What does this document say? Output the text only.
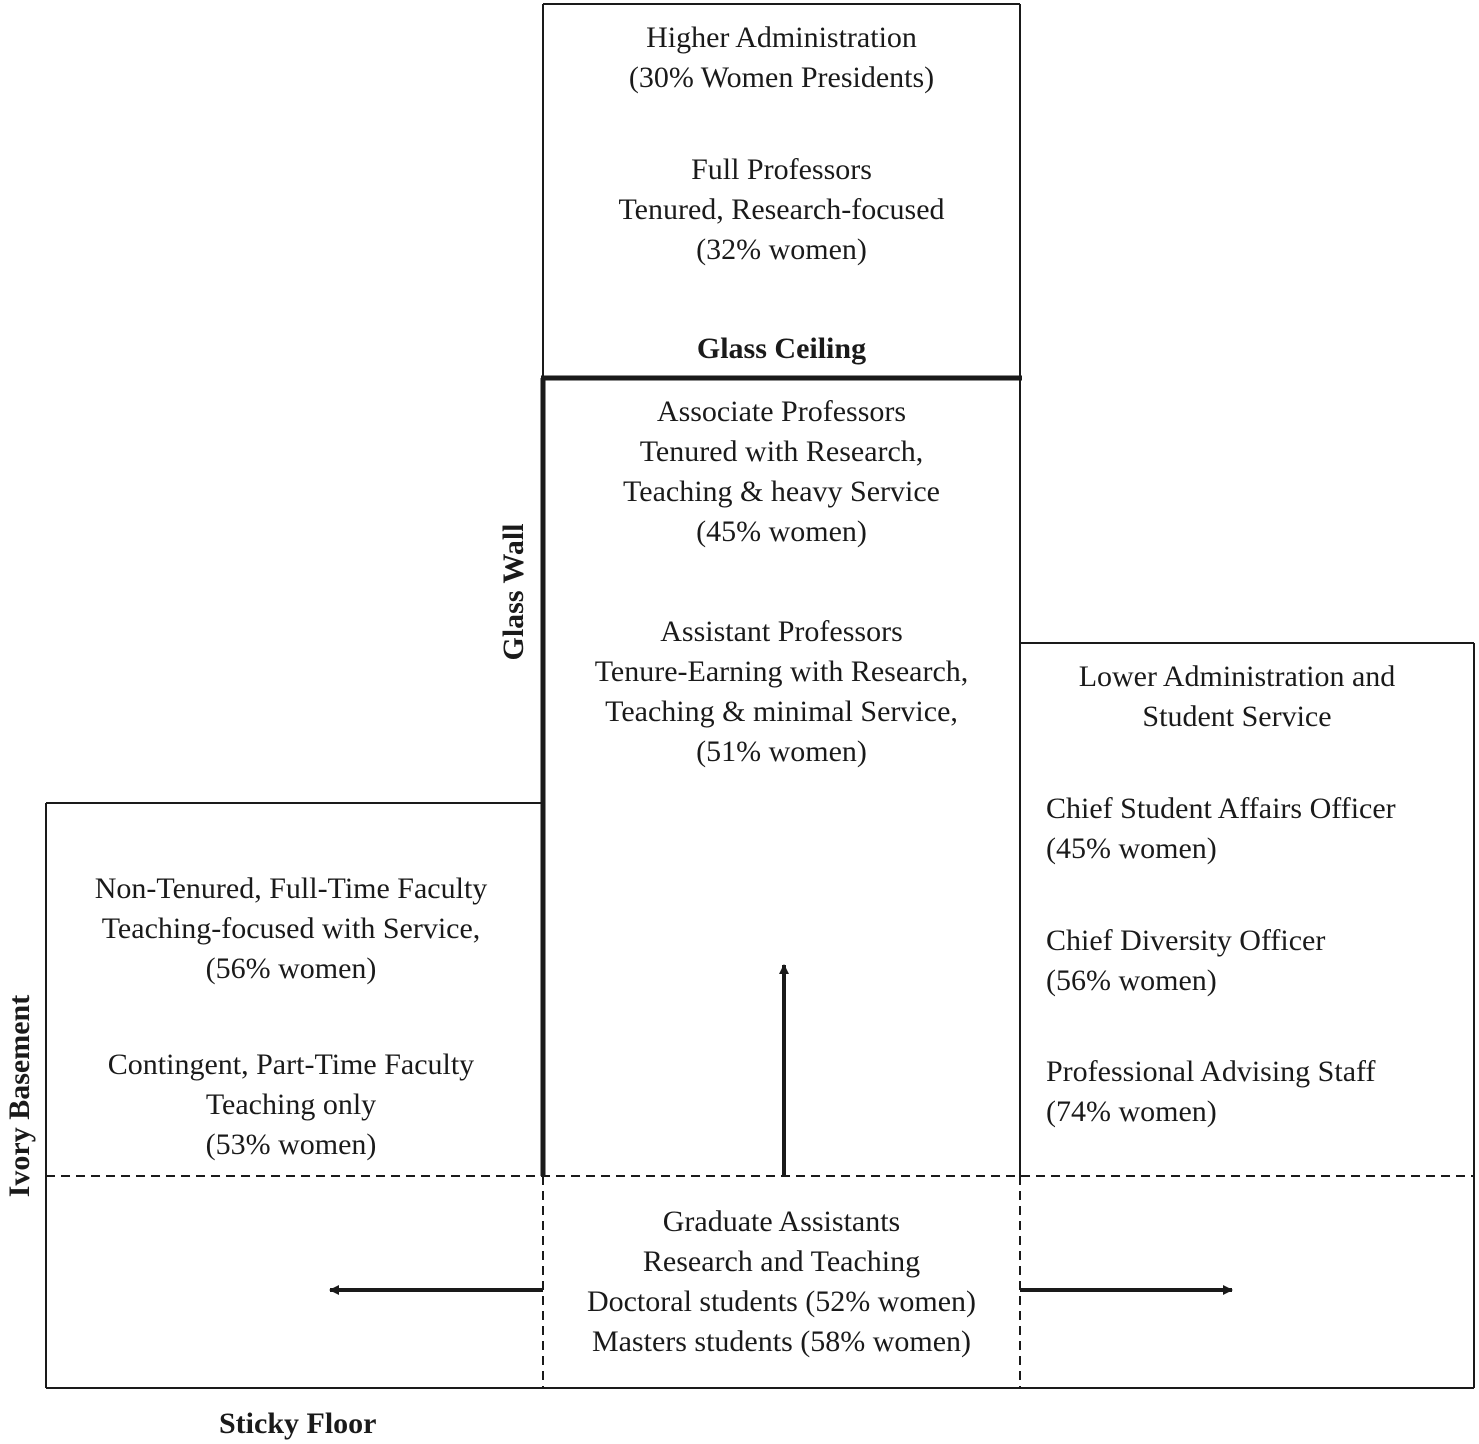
Higher Administration
(30% Women Presidents)
Full Professors
Tenured, Research-focused
(32% women)
Glass Ceiling
Associate Professors
Tenured with Research,
Teaching & heavy Service
(45% women)
Assistant Professors
Tenure-Earning with Research,
Teaching & minimal Service,
(51% women)
Glass Wall
Lower Administration and
Student Service
Chief Student Affairs Officer
(45% women)
Chief Diversity Officer
(56% women)
Professional Advising Staff
(74% women)
Non-Tenured, Full-Time Faculty
Teaching-focused with Service,
(56% women)
Contingent, Part-Time Faculty
Teaching only
(53% women)
Ivory Basement
Graduate Assistants
Research and Teaching
Doctoral students (52% women)
Masters students (58% women)
Sticky Floor
